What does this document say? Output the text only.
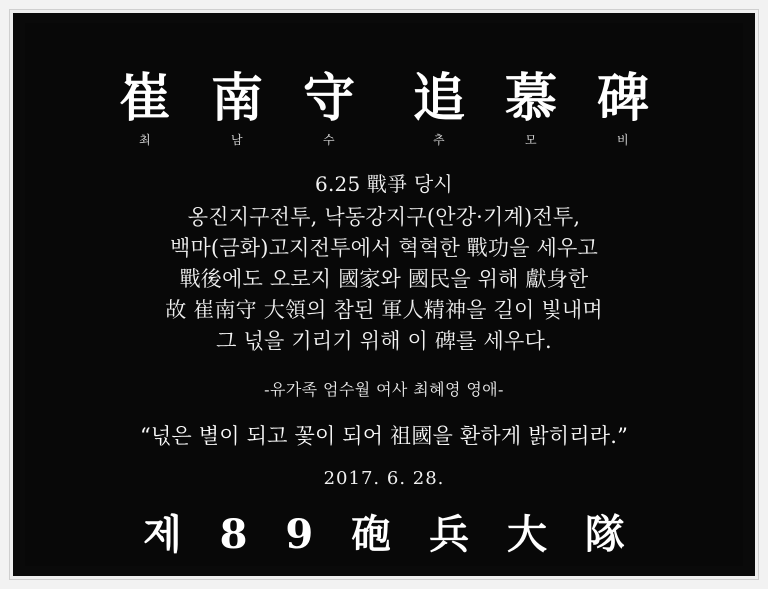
崔
최
南
남
守
수
追
추
慕
모
碑
비
6.25 戰爭 당시
옹진지구전투, 낙동강지구(안강·기계)전투,
백마(금화)고지전투에서 혁혁한 戰功을 세우고
戰後에도 오로지 國家와 國民을 위해 獻身한
故 崔南守 大領의 참된 軍人精神을 길이 빛내며
그 넋을 기리기 위해 이 碑를 세우다.
-유가족 엄수월 여사 최혜영 영애-
“넋은 별이 되고 꽃이 되어 祖國을 환하게 밝히리라.”
2017. 6. 28.
제 8 9 砲 兵 大 隊
